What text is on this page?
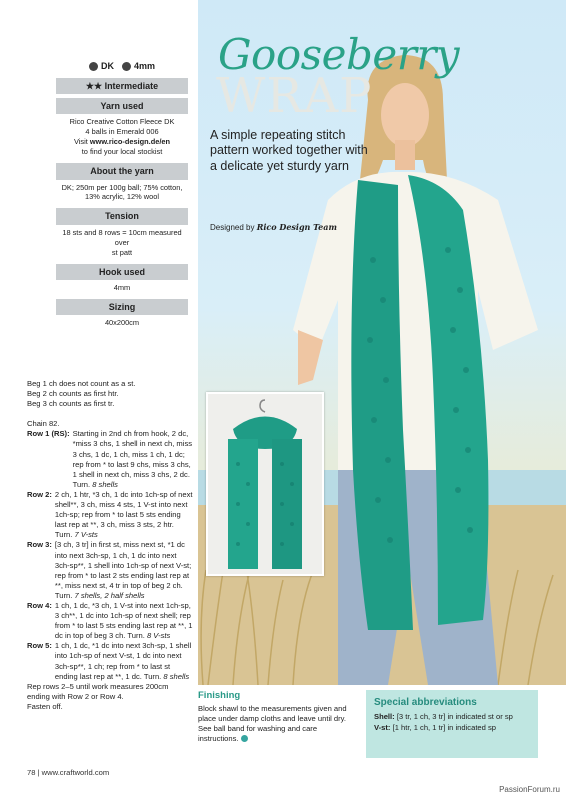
Gooseberry
WRAP
A simple repeating stitch pattern worked together with a delicate yet sturdy yarn
Designed by Rico Design Team
DK	4mm
★★ Intermediate
Yarn used

Rico Creative Cotton Fleece DK

4 balls in Emerald 006

Visit www.rico-design.de/en

to find your local stockist

About the yarn

DK; 250m per 100g ball; 75% cotton,

13% acrylic, 12% wool

Tension

18 sts and 8 rows = 10cm measured over

st patt

Hook used

4mm

Sizing

40x200cm

Beg 1 ch does not count as a st.

Beg 2 ch counts as first htr.

Beg 3 ch counts as first tr.

Chain 82.

Row 1 (RS): Starting in 2nd ch from hook, 2 dc, *miss 3 chs, 1 shell in next ch, miss 3 chs, 1 dc, 1 ch, miss 1 ch, 1 dc; rep from * to last 9 chs, miss 3 chs, 1 shell in next ch, miss 3 chs, 2 dc. Turn. 8 shells
Row 2: 2 ch, 1 htr, *3 ch, 1 dc into 1ch-sp of next shell**, 3 ch, miss 4 sts, 1 V-st into next 1ch-sp; rep from * to last 5 sts ending last rep at **, 3 ch, miss 3 sts, 2 htr. Turn. 7 V-sts
Row 3: [3 ch, 3 tr] in first st, miss next st, *1 dc into next 3ch-sp, 1 ch, 1 dc into next 3ch-sp**, 1 shell into 1ch-sp of next V-st; rep from * to last 2 sts ending last rep at **, miss next st, 4 tr in top of beg 2 ch. Turn. 7 shells, 2 half shells
Row 4: 1 ch, 1 dc, *3 ch, 1 V-st into next 1ch-sp, 3 ch**, 1 dc into 1ch-sp of next shell; rep from * to last 5 sts ending last rep at **, 1 dc in top of beg 3 ch. Turn. 8 V-sts
Row 5: 1 ch, 1 dc, *1 dc into next 3ch-sp, 1 shell into 1ch-sp of next V-st, 1 dc into next 3ch-sp**, 1 ch; rep from * to last st ending last rep at **, 1 dc. Turn. 8 shells

Rep rows 2–5 until work measures 200cm ending with Row 2 or Row 4.

Fasten off.

Finishing

Block shawl to the measurements given and place under damp cloths and leave until dry. See ball band for washing and care instructions.

Special abbreviations

Shell: [3 tr, 1 ch, 3 tr] in indicated st or sp

V-st: [1 htr, 1 ch, 1 tr] in indicated sp

78 | www.craftworld.com
PassionForum.ru
